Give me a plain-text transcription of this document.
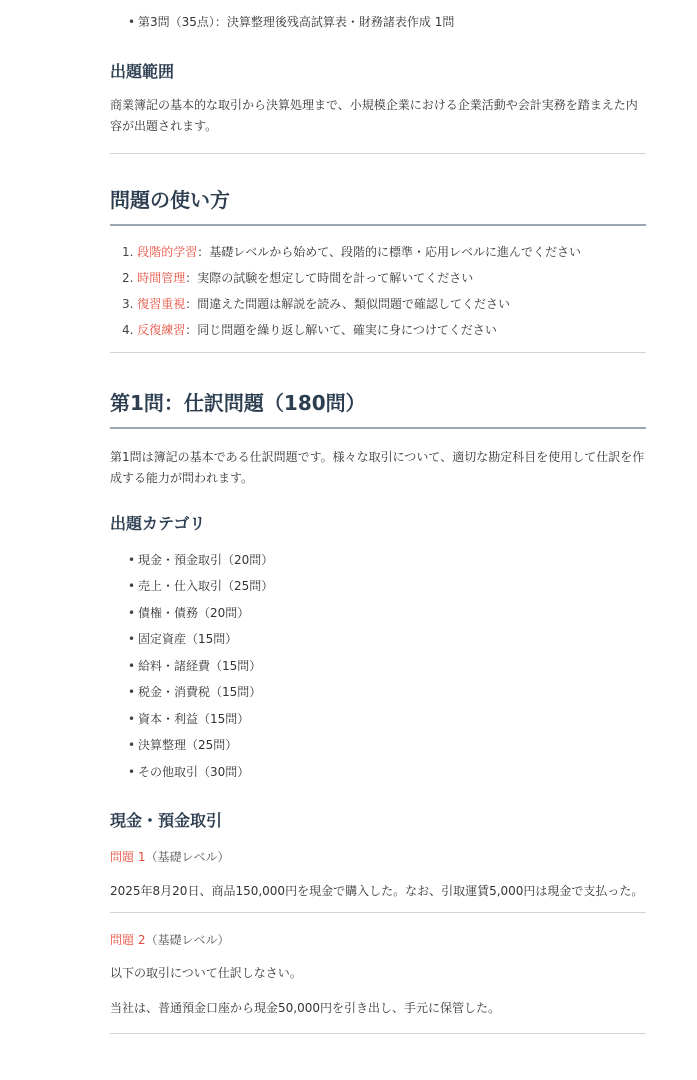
• 第3問（35点）：決算整理後残高試算表・財務諸表作成 1問
出題範囲

商業簿記の基本的な取引から決算処理まで、小規模企業における企業活動や会計実務を踏まえた内容が出題されます。

問題の使い方
1. 段階的学習：基礎レベルから始めて、段階的に標準・応用レベルに進んでください
2. 時間管理：実際の試験を想定して時間を計って解いてください
3. 復習重視：間違えた問題は解説を読み、類似問題で確認してください
4. 反復練習：同じ問題を繰り返し解いて、確実に身につけてください
第1問：仕訳問題（180問）

第1問は簿記の基本である仕訳問題です。様々な取引について、適切な勘定科目を使用して仕訳を作成する能力が問われます。

出題カテゴリ
• 現金・預金取引（20問）
• 売上・仕入取引（25問）
• 債権・債務（20問）
• 固定資産（15問）
• 給料・諸経費（15問）
• 税金・消費税（15問）
• 資本・利益（15問）
• 決算整理（25問）
• その他取引（30問）
現金・預金取引
問題 1（基礎レベル）

2025年8月20日、商品150,000円を現金で購入した。なお、引取運賃5,000円は現金で支払った。

問題 2（基礎レベル）

以下の取引について仕訳しなさい。

当社は、普通預金口座から現金50,000円を引き出し、手元に保管した。
